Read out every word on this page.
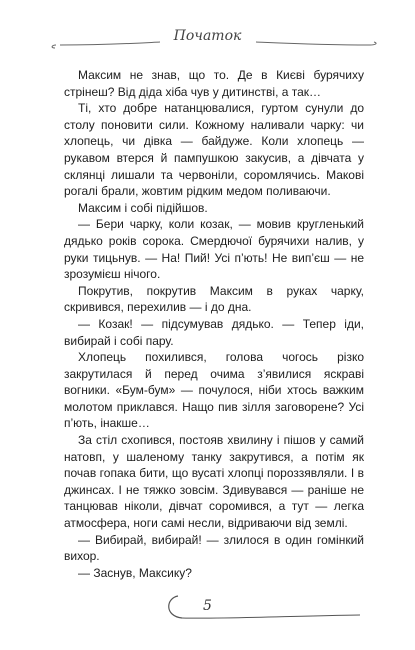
Початок

Максим не знав, що то. Де в Києві бурячиху стрінеш? Від діда хіба чув у дитинстві, а так…

Ті, хто добре натанцювалися, гуртом сунули до столу поновити сили. Кожному наливали чарку: чи хлопець, чи дівка — байдуже. Коли хлопець — рукавом втерся й пампушкою закусив, а дівчата у склянці лишали та червоніли, соромлячись. Макові рогалі брали, жовтим рідким медом поливаючи.

Максим і собі підійшов.

— Бери чарку, коли козак, — мовив кругленький дядько років сорока. Смердючої бурячихи налив, у руки тицьнув. — На! Пий! Усі п’ють! Не вип’єш — не зрозумієш нічого.

Покрутив, покрутив Максим в руках чарку, скривився, перехилив — і до дна.

— Козак! — підсумував дядько. — Тепер іди, вибирай і собі пару.

Хлопець похилився, голова чогось різко закрутилася й перед очима з’явилися яскраві вогники. «Бум-бум» — почулося, ніби хтось важким молотом приклався. Нащо пив зілля заговорене? Усі п’ють, інакше…

За стіл схопився, постояв хвилину і пішов у самий натовп, у шаленому танку закрутився, а потім як почав гопака бити, що вусаті хлопці пороззявляли. І в джинсах. І не тяжко зовсім. Здивувався — раніше не танцював ніколи, дівчат соромився, а тут — легка атмосфера, ноги самі несли, відриваючи від землі.

— Вибирай, вибирай! — злилося в один гомінкий вихор.

— Заснув, Максику?

5
